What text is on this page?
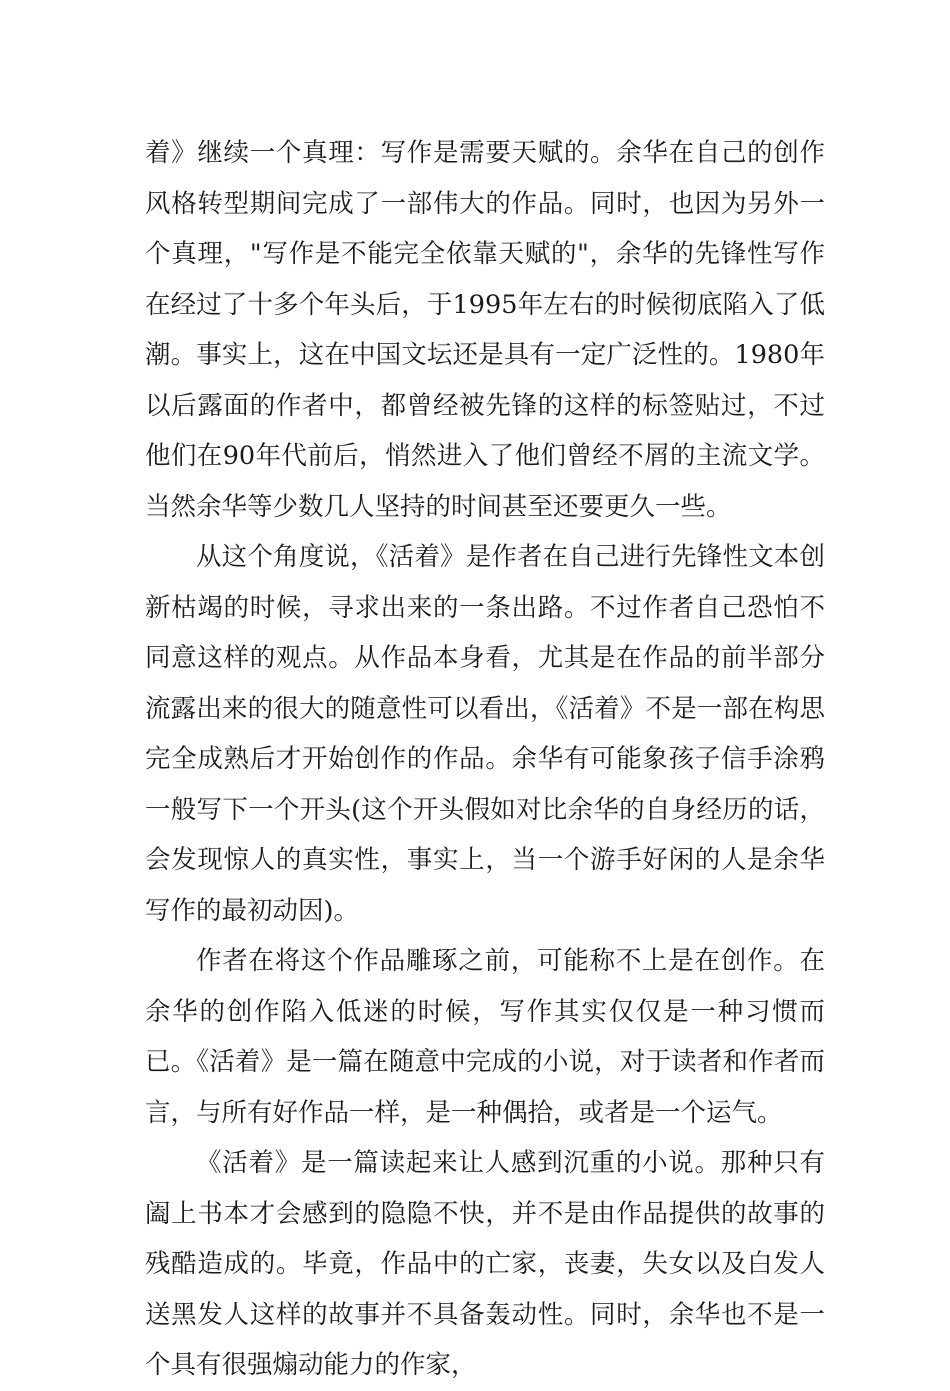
着》继续一个真理：写作是需要天赋的。余华在自己的创作风格转型期间完成了一部伟大的作品。同时，也因为另外一个真理，"写作是不能完全依靠天赋的"，余华的先锋性写作在经过了十多个年头后，于1995年左右的时候彻底陷入了低潮。事实上，这在中国文坛还是具有一定广泛性的。1980年以后露面的作者中，都曾经被先锋的这样的标签贴过，不过他们在90年代前后，悄然进入了他们曾经不屑的主流文学。当然余华等少数几人坚持的时间甚至还要更久一些。

从这个角度说，《活着》是作者在自己进行先锋性文本创新枯竭的时候，寻求出来的一条出路。不过作者自己恐怕不同意这样的观点。从作品本身看，尤其是在作品的前半部分流露出来的很大的随意性可以看出，《活着》不是一部在构思完全成熟后才开始创作的作品。余华有可能象孩子信手涂鸦一般写下一个开头(这个开头假如对比余华的自身经历的话，会发现惊人的真实性，事实上，当一个游手好闲的人是余华写作的最初动因)。

作者在将这个作品雕琢之前，可能称不上是在创作。在余华的创作陷入低迷的时候，写作其实仅仅是一种习惯而已。《活着》是一篇在随意中完成的小说，对于读者和作者而言，与所有好作品一样，是一种偶拾，或者是一个运气。

《活着》是一篇读起来让人感到沉重的小说。那种只有阖上书本才会感到的隐隐不快，并不是由作品提供的故事的残酷造成的。毕竟，作品中的亡家，丧妻，失女以及白发人送黑发人这样的故事并不具备轰动性。同时，余华也不是一个具有很强煽动能力的作家，
